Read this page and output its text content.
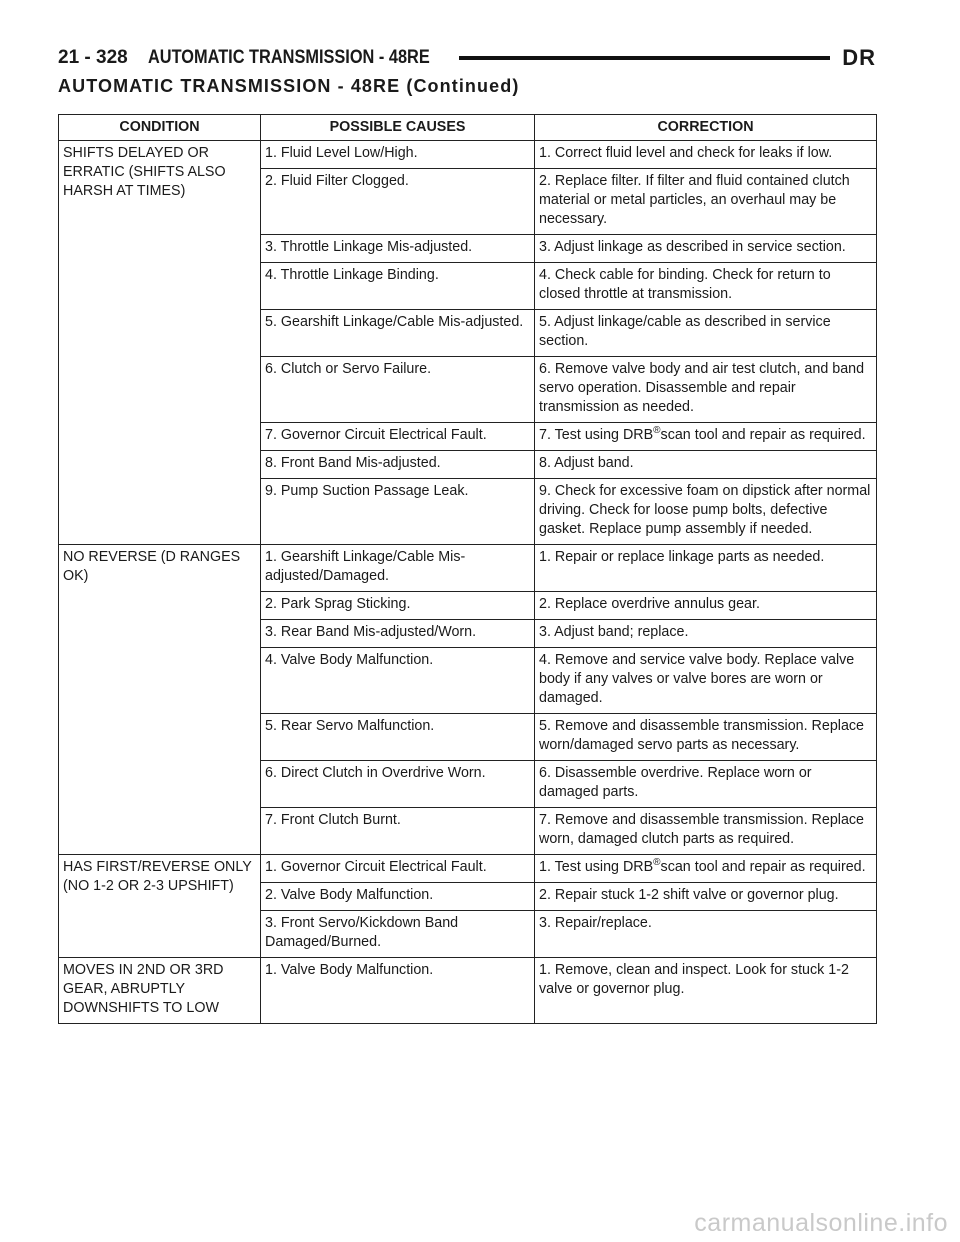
21 - 328 AUTOMATIC TRANSMISSION - 48RE	DR
AUTOMATIC TRANSMISSION - 48RE (Continued)
CONDITION	POSSIBLE CAUSES	CORRECTION
SHIFTS DELAYED OR ERRATIC (SHIFTS ALSO HARSH AT TIMES)	1. Fluid Level Low/High.	1. Correct fluid level and check for leaks if low.
	2. Fluid Filter Clogged.	2. Replace filter. If filter and fluid contained clutch material or metal particles, an overhaul may be necessary.
	3. Throttle Linkage Mis-adjusted.	3. Adjust linkage as described in service section.
	4. Throttle Linkage Binding.	4. Check cable for binding. Check for return to closed throttle at transmission.
	5. Gearshift Linkage/Cable Mis-adjusted.	5. Adjust linkage/cable as described in service section.
	6. Clutch or Servo Failure.	6. Remove valve body and air test clutch, and band servo operation. Disassemble and repair transmission as needed.
	7. Governor Circuit Electrical Fault.	7. Test using DRB®scan tool and repair as required.
	8. Front Band Mis-adjusted.	8. Adjust band.
	9. Pump Suction Passage Leak.	9. Check for excessive foam on dipstick after normal driving. Check for loose pump bolts, defective gasket. Replace pump assembly if needed.
NO REVERSE (D RANGES OK)	1. Gearshift Linkage/Cable Mis-adjusted/Damaged.	1. Repair or replace linkage parts as needed.
	2. Park Sprag Sticking.	2. Replace overdrive annulus gear.
	3. Rear Band Mis-adjusted/Worn.	3. Adjust band; replace.
	4. Valve Body Malfunction.	4. Remove and service valve body. Replace valve body if any valves or valve bores are worn or damaged.
	5. Rear Servo Malfunction.	5. Remove and disassemble transmission. Replace worn/damaged servo parts as necessary.
	6. Direct Clutch in Overdrive Worn.	6. Disassemble overdrive. Replace worn or damaged parts.
	7. Front Clutch Burnt.	7. Remove and disassemble transmission. Replace worn, damaged clutch parts as required.
HAS FIRST/REVERSE ONLY (NO 1-2 OR 2-3 UPSHIFT)	1. Governor Circuit Electrical Fault.	1. Test using DRB®scan tool and repair as required.
	2. Valve Body Malfunction.	2. Repair stuck 1-2 shift valve or governor plug.
	3. Front Servo/Kickdown Band Damaged/Burned.	3. Repair/replace.
MOVES IN 2ND OR 3RD GEAR, ABRUPTLY DOWNSHIFTS TO LOW	1. Valve Body Malfunction.	1. Remove, clean and inspect. Look for stuck 1-2 valve or governor plug.
carmanualsonline.info
